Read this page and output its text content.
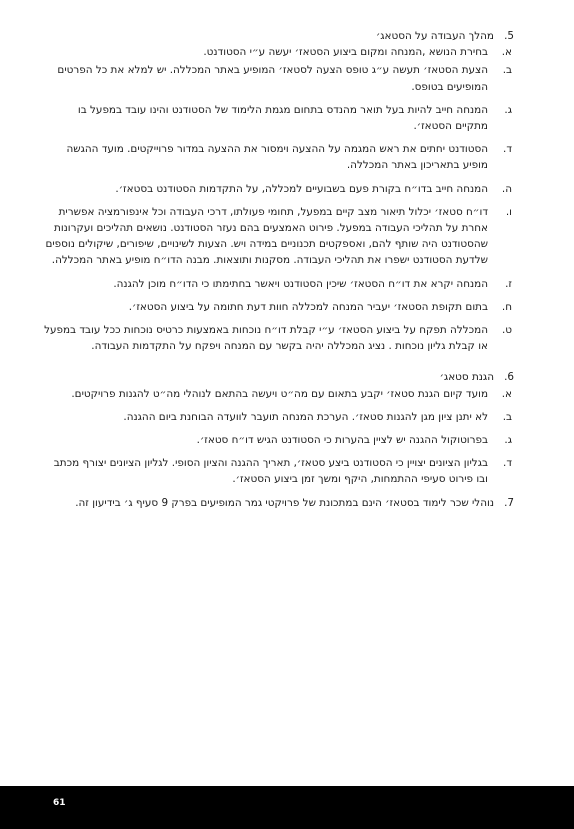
5.
מהלך העבודה על הסטאג׳
א.
בחירת הנושא ,המנחה ומקום ביצוע הסטאז׳ יעשה ע״י הסטודנט.
ב.
הצעת הסטאז׳ תעשה ע״ג טופס הצעה לסטאז׳ המופיע באתר המכללה. יש למלא את כל הפרטים המופיעים בטופס.
ג.
המנחה חייב להיות בעל תואר מהנדס בתחום מגמת הלימוד של הסטודנט והינו עובד במפעל בו מתקיים הסטאז׳.
ד.
הסטודנט יחתים את ראש המגמה על ההצעה וימסור את ההצעה במדור פרוייקטים. מועד ההגשה מופיע בתאריכון באתר המכללה.
ה.
המנחה חייב בדו״ח בקורת פעם בשבועיים למכללה, על התקדמות הסטודנט בסטאז׳.
ו.
דו״ח סטאז׳ יכלול תיאור מצב קיים במפעל, תחומי פעולתו, דרכי העבודה וכל אינפורמציה אפשרית אחרת על תהליכי העבודה במפעל. פירוט האמצעים בהם נעזר הסטודנט. נושאים תהליכים ועקרונות שהסטודנט היה שותף להם, ואספקטים תכנוניים במידה ויש. הצעות לשינויים, שיפורים, שיקולים נוספים שלדעת הסטודנט ישפרו את תהליכי העבודה. מסקנות ותוצאות. מבנה הדו״ח מופיע באתר המכללה.
ז.
המנחה יקרא את דו״ח הסטאז׳ שיכין הסטודנט ויאשר בחתימתו כי הדו״ח מוכן להגנה.
ח.
בתום תקופת הסטאז׳ יעביר המנחה למכללה חוות דעת חתומה על ביצוע הסטאז׳.
ט.
המכללה תפקח על ביצוע הסטאז׳ ע״י קבלת דו״ח נוכחות באמצעות כרטיס נוכחות ככל עובד במפעל או קבלת גליון נוכחות . נציג המכללה יהיה בקשר עם המנחה ויפקח על התקדמות העבודה.
6.
הגנת סטאג׳
א.
מועד קיום הגנת סטאז׳ יקבע בתאום עם מה״ט ויעשה בהתאם לנוהלי מה״ט להגנות פרויקטים.
ב.
לא יתנן ציון מגן להגנות סטאז׳. הערכת המנחה תועבר לוועדה הבוחנת ביום ההגנה.
ג.
בפרוטוקול ההגנה יש לציין בהערות כי הסטודנט הגיש דו״ח סטאז׳.
ד.
בגליון הציונים יצויין כי הסטודנט ביצע סטאז׳, תאריך ההגנה והציון הסופי. לגליון הציונים יצורף מכתב ובו פירוט סעיפי ההתמחות, היקף ומשך זמן ביצוע הסטאז׳.
7.
נוהלי שכר לימוד בסטאז׳ הינם במתכונת של פרויקטי גמר המופיעים בפרק 9 סעיף ג׳ בידיעון זה.
61
